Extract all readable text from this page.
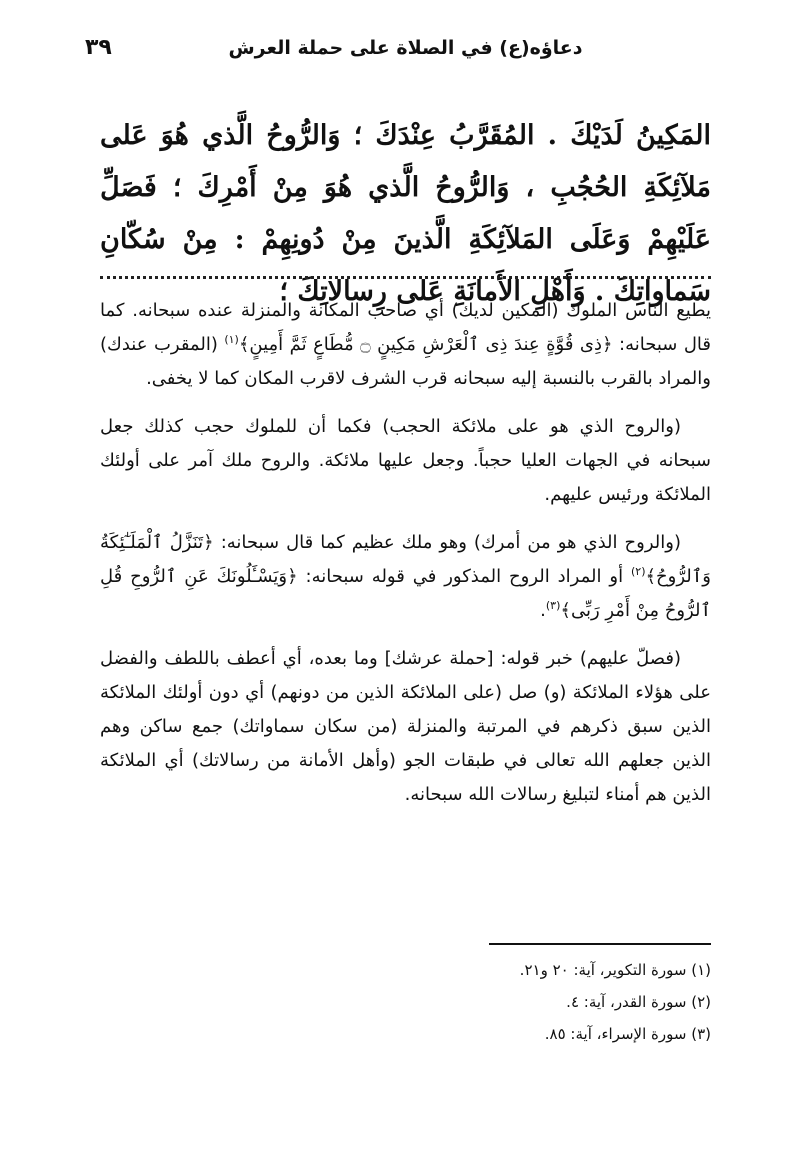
دعاؤه(ع) في الصلاة على حملة العرش
٣٩
المَكِينُ لَدَيْكَ . المُقَرَّبُ عِنْدَكَ ؛ وَالرُّوحُ الَّذي هُوَ عَلى مَلآئِكَةِ الحُجُبِ ، وَالرُّوحُ الَّذي هُوَ مِنْ أَمْرِكَ ؛ فَصَلِّ عَلَيْهِمْ وَعَلَى المَلآئِكَةِ الَّذينَ مِنْ دُونِهِمْ : مِنْ سُكّانِ سَماواتِكَ . وَأَهْلِ الأَمانَةِ عَلى رِسالاتِكَ ؛

يطيع الناس الملوك (المكين لديك) أي صاحب المكانة والمنزلة عنده سبحانه. كما قال سبحانه: ﴿ذِى قُوَّةٍ عِندَ ذِى ٱلْعَرْشِ مَكِينٍ ۝ مُّطَاعٍ ثَمَّ أَمِينٍ﴾$^{(١)}$ (المقرب عندك) والمراد بالقرب بالنسبة إليه سبحانه قرب الشرف لاقرب المكان كما لا يخفى.

(والروح الذي هو على ملائكة الحجب) فكما أن للملوك حجب كذلك جعل سبحانه في الجهات العليا حجباً. وجعل عليها ملائكة. والروح ملك آمر على أولئك الملائكة ورئيس عليهم.

(والروح الذي هو من أمرك) وهو ملك عظيم كما قال سبحانه: ﴿تَنَزَّلُ ٱلْمَلَـٰٓئِكَةُ وَٱلرُّوحُ﴾$^{(٢)}$ أو المراد الروح المذكور في قوله سبحانه: ﴿وَيَسْـَٔلُونَكَ عَنِ ٱلرُّوحِ قُلِ ٱلرُّوحُ مِنْ أَمْرِ رَبِّى﴾$^{(٣)}$.

(فصلّ عليهم) خبر قوله: [حملة عرشك] وما بعده، أي أعطف باللطف والفضل على هؤلاء الملائكة (و) صل (على الملائكة الذين من دونهم) أي دون أولئك الملائكة الذين سبق ذكرهم في المرتبة والمنزلة (من سكان سماواتك) جمع ساكن وهم الذين جعلهم الله تعالى في طبقات الجو (وأهل الأمانة من رسالاتك) أي الملائكة الذين هم أمناء لتبليغ رسالات الله سبحانه.

(١) سورة التكوير، آية: ٢٠ و٢١.
(٢) سورة القدر، آية: ٤.
(٣) سورة الإسراء، آية: ٨٥.
